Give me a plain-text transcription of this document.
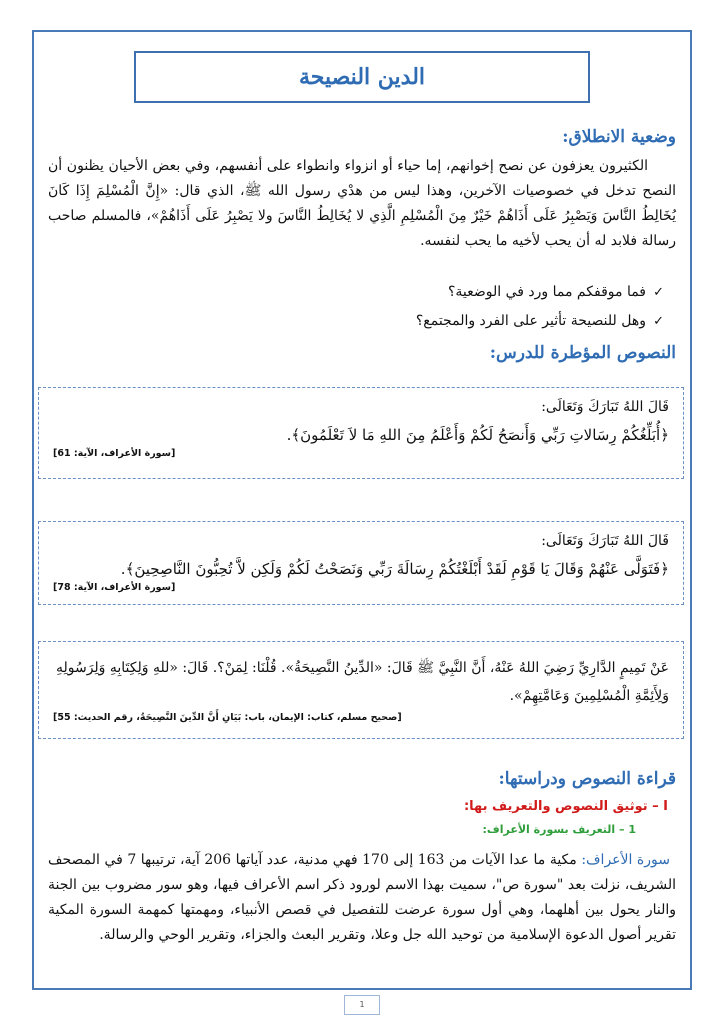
الدين النصيحة
وضعية الانطلاق:

الكثيرون يعزفون عن نصح إخوانهم، إما حياء أو انزواء وانطواء على أنفسهم، وفي بعض الأحيان يظنون أن النصح تدخل في خصوصيات الآخرين، وهذا ليس من هدْي رسول الله ﷺ، الذي قال: «إِنَّ الْمُسْلِمَ إِذَا كَانَ يُخَالِطُ النَّاسَ وَيَصْبِرُ عَلَى أَذَاهُمْ خَيْرٌ مِنَ الْمُسْلِمِ الَّذِي لا يُخَالِطُ النَّاسَ ولا يَصْبِرُ عَلَى أَذَاهُمْ»، فالمسلم صاحب رسالة فلابد له أن يحب لأخيه ما يحب لنفسه.

✓
فما موقفكم مما ورد في الوضعية؟
✓
وهل للنصيحة تأثير على الفرد والمجتمع؟
النصوص المؤطرة للدرس:

قَالَ اللهُ تَبَارَكَ وَتَعَالَى:

﴿أُبَلِّغُكُمْ رِسَالاتِ رَبِّي وَأَنصَحُ لَكُمْ وَأَعْلَمُ مِنَ اللهِ مَا لاَ تَعْلَمُونَ﴾.

[سورة الأعراف، الآية: 61]

قَالَ اللهُ تَبَارَكَ وَتَعَالَى:

﴿فَتَوَلَّى عَنْهُمْ وَقَالَ يَا قَوْمِ لَقَدْ أَبْلَغْتُكُمْ رِسَالَةَ رَبِّي وَنَصَحْتُ لَكُمْ وَلَكِن لاَّ تُحِبُّونَ النَّاصِحِينَ﴾.

[سورة الأعراف، الآية: 78]

عَنْ تَمِيمٍ الدَّارِيِّ رَضِيَ اللهُ عَنْهُ، أَنَّ النَّبِيَّ ﷺ قَالَ: «الدِّينُ النَّصِيحَةُ». قُلْنَا: لِمَنْ؟. قَالَ: «للهِ وَلِكِتَابِهِ وَلِرَسُولِهِ وَلِأَئِمَّةِ الْمُسْلِمِينَ وَعَامَّتِهِمْ».

[صحيح مسلم، كتاب: الإيمان، باب: بَيَانِ أَنَّ الدِّينَ النَّصِيحَةُ، رقم الحديث: 55]

قراءة النصوص ودراستها:

I – توثيق النصوص والتعريف بها:

1 – التعريف بسورة الأعراف:

سورة الأعراف: مكية ما عدا الآيات من 163 إلى 170 فهي مدنية، عدد آياتها 206 آية، ترتيبها 7 في المصحف الشريف، نزلت بعد "سورة ص"، سميت بهذا الاسم لورود ذكر اسم الأعراف فيها، وهو سور مضروب بين الجنة والنار يحول بين أهلهما، وهي أول سورة عرضت للتفصيل في قصص الأنبياء، ومهمتها كمهمة السورة المكية تقرير أصول الدعوة الإسلامية من توحيد الله جل وعلا، وتقرير البعث والجزاء، وتقرير الوحي والرسالة.

1
